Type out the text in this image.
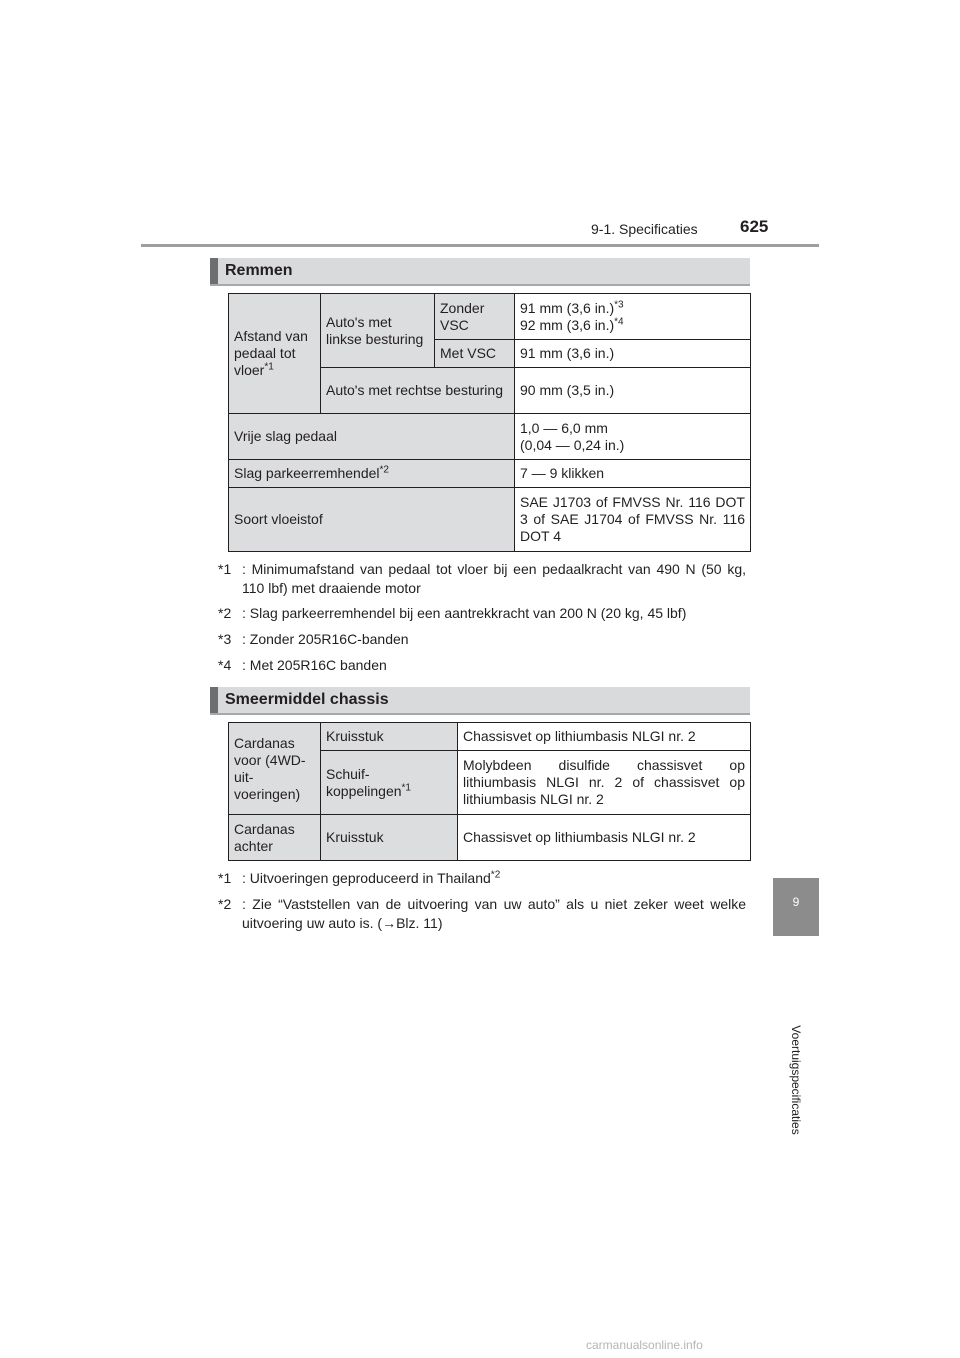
9-1. Specificaties 625
9
Voertuigspecificaties
Remmen
Afstand van pedaal tot vloer$^{*1}$	Auto's met linkse besturing	Zonder VSC	91 mm (3,6 in.)$^{*3}$
92 mm (3,6 in.)$^{*4}$
		Met VSC	91 mm (3,6 in.)
	Auto's met rechtse besturing		90 mm (3,5 in.)
Vrije slag pedaal			1,0 — 6,0 mm
(0,04 — 0,24 in.)
Slag parkeerremhendel$^{*2}$			7 — 9 klikken
Soort vloeistof			SAE J1703 of FMVSS Nr. 116 DOT 3 of SAE J1704 of FMVSS Nr. 116 DOT 4
*1 : Minimumafstand van pedaal tot vloer bij een pedaalkracht van 490 N (50 kg, 110 lbf) met draaiende motor
*2 : Slag parkeerremhendel bij een aantrekkracht van 200 N (20 kg, 45 lbf)
*3 : Zonder 205R16C-banden
*4 : Met 205R16C banden
Smeermiddel chassis
Cardanas voor (4WD-uit-voeringen)	Kruisstuk	Chassisvet op lithiumbasis NLGI nr. 2
	Schuif-koppelingen$^{*1}$	Molybdeen disulfide chassisvet op lithiumbasis NLGI nr. 2 of chassisvet op lithiumbasis NLGI nr. 2
Cardanas achter	Kruisstuk	Chassisvet op lithiumbasis NLGI nr. 2
*1 : Uitvoeringen geproduceerd in Thailand$^{*2}$
*2 : Zie “Vaststellen van de uitvoering van uw auto” als u niet zeker weet welke uitvoering uw auto is. (→Blz. 11)
carmanualsonline.info
